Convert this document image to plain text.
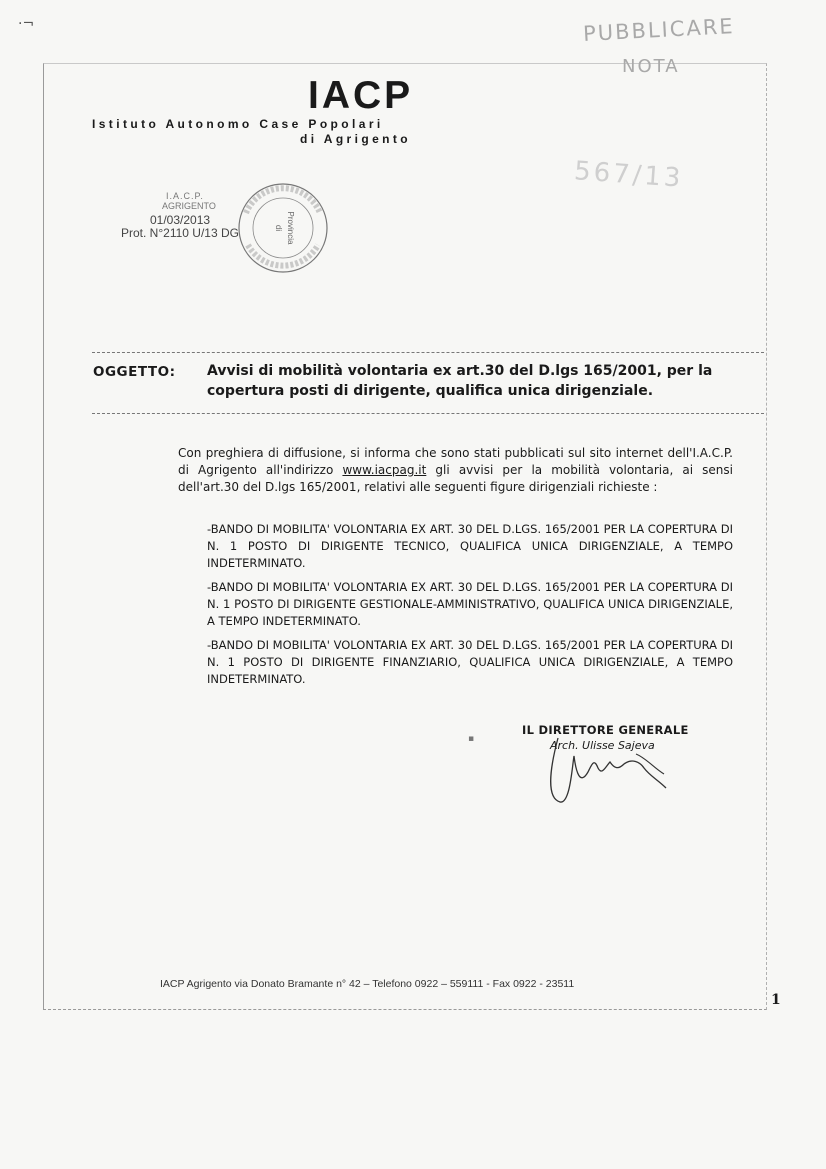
·¬	PUBBLICARE
NOTA
567/13
IACP
Istituto Autonomo Case Popolari
di Agrigento
I.A.C.P.
AGRIGENTO
01/03/2013
Prot. N°2110 U/13 DG	Provincia
di
OGGETTO: Avvisi di mobilità volontaria ex art.30 del D.lgs 165/2001, per la copertura posti di dirigente, qualifica unica dirigenziale.

Con preghiera di diffusione, si informa che sono stati pubblicati sul sito internet dell'I.A.C.P. di Agrigento all'indirizzo www.iacpag.it gli avvisi per la mobilità volontaria, ai sensi dell'art.30 del D.lgs 165/2001, relativi alle seguenti figure dirigenziali richieste :

-BANDO DI MOBILITA' VOLONTARIA EX ART. 30 DEL D.LGS. 165/2001 PER LA COPERTURA DI N. 1 POSTO DI DIRIGENTE TECNICO, QUALIFICA UNICA DIRIGENZIALE, A TEMPO INDETERMINATO.

-BANDO DI MOBILITA' VOLONTARIA EX ART. 30 DEL D.LGS. 165/2001 PER LA COPERTURA DI N. 1 POSTO DI DIRIGENTE GESTIONALE-AMMINISTRATIVO, QUALIFICA UNICA DIRIGENZIALE, A TEMPO INDETERMINATO.

-BANDO DI MOBILITA' VOLONTARIA EX ART. 30 DEL D.LGS. 165/2001 PER LA COPERTURA DI N. 1 POSTO DI DIRIGENTE FINANZIARIO, QUALIFICA UNICA DIRIGENZIALE, A TEMPO INDETERMINATO.

▪
IL DIRETTORE GENERALE
Arch. Ulisse Sajeva
IACP Agrigento via Donato Bramante n° 42 – Telefono 0922 – 559111 - Fax 0922 - 23511
1
